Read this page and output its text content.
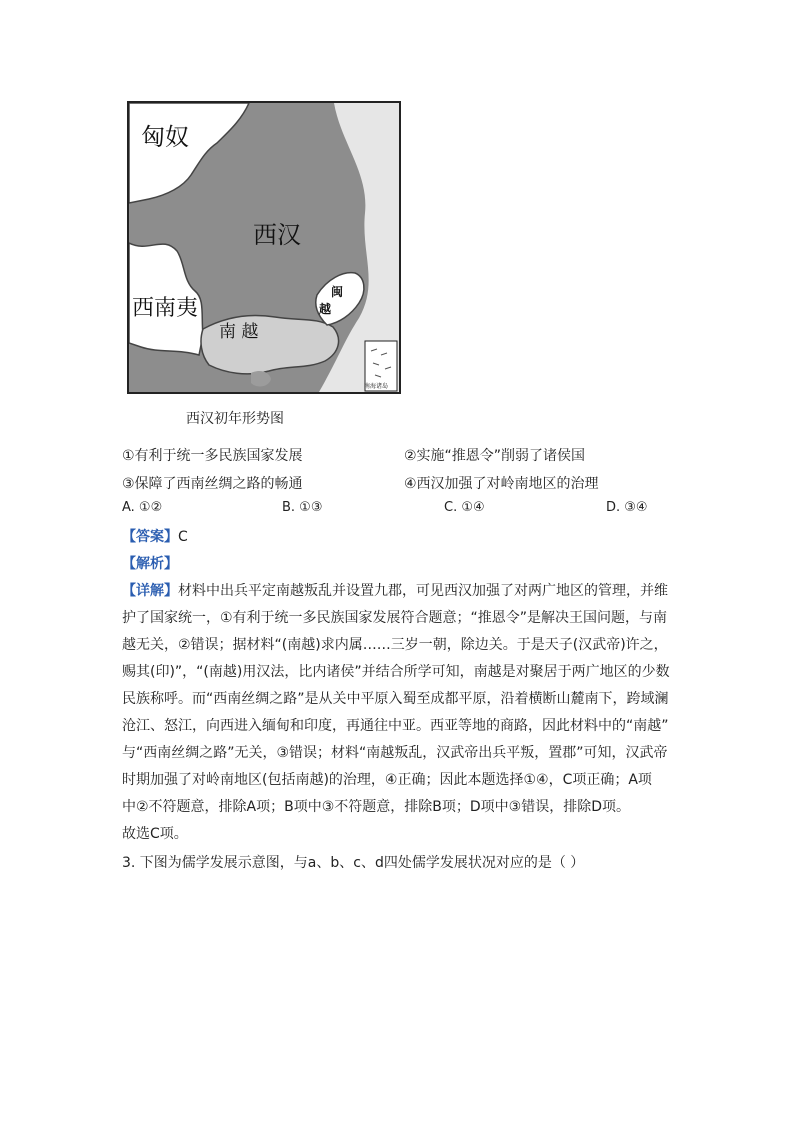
匈奴
西汉
西南夷
南 越
闽
越
南海诸岛
西汉初年形势图
①有利于统一多民族国家发展	②实施“推恩令”削弱了诸侯国
③保障了西南丝绸之路的畅通	④西汉加强了对岭南地区的治理
A. ①②	B. ①③	C. ①④	D. ③④
【答案】C
【解析】
【详解】材料中出兵平定南越叛乱并设置九郡，可见西汉加强了对两广地区的管理，并维
护了国家统一，①有利于统一多民族国家发展符合题意；“推恩令”是解决王国问题，与南
越无关，②错误；据材料“(南越)求内属……三岁一朝，除边关。于是天子(汉武帝)许之，
赐其(印)”，“(南越)用汉法，比内诸侯”并结合所学可知，南越是对聚居于两广地区的少数
民族称呼。而“西南丝绸之路”是从关中平原入蜀至成都平原，沿着横断山麓南下，跨域澜
沧江、怒江，向西进入缅甸和印度，再通往中亚。西亚等地的商路，因此材料中的“南越”
与“西南丝绸之路”无关，③错误；材料“南越叛乱，汉武帝出兵平叛，置郡”可知，汉武帝
时期加强了对岭南地区(包括南越)的治理，④正确；因此本题选择①④，C项正确；A项
中②不符题意，排除A项；B项中③不符题意，排除B项；D项中③错误，排除D项。
故选C项。
3. 下图为儒学发展示意图，与a、b、c、d四处儒学发展状况对应的是（ ）
